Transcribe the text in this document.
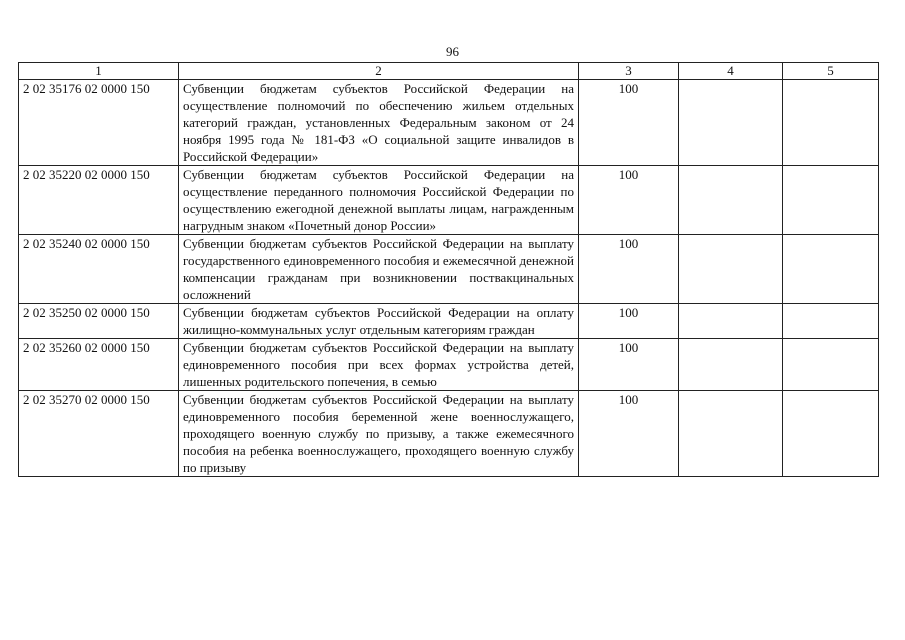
96
1	2	3	4	5
2 02 35176 02 0000 150	Субвенции бюджетам субъектов Российской Федерации на осуществление полномочий по обеспечению жильем отдельных категорий граждан, установленных Федеральным законом от 24 ноября 1995 года № 181-ФЗ «О социальной защите инвалидов в Российской Федерации»	100		
2 02 35220 02 0000 150	Субвенции бюджетам субъектов Российской Федерации на осуществление переданного полномочия Российской Федерации по осуществлению ежегодной денежной выплаты лицам, награжденным нагрудным знаком «Почетный донор России»	100		
2 02 35240 02 0000 150	Субвенции бюджетам субъектов Российской Федерации на выплату государственного единовременного пособия и ежемесячной денежной компенсации гражданам при возникновении поствакцинальных осложнений	100		
2 02 35250 02 0000 150	Субвенции бюджетам субъектов Российской Федерации на оплату жилищно-коммунальных услуг отдельным категориям граждан	100		
2 02 35260 02 0000 150	Субвенции бюджетам субъектов Российской Федерации на выплату единовременного пособия при всех формах устройства детей, лишенных родительского попечения, в семью	100		
2 02 35270 02 0000 150	Субвенции бюджетам субъектов Российской Федерации на выплату единовременного пособия беременной жене военнослужащего, проходящего военную службу по призыву, а также ежемесячного пособия на ребенка военнослужащего, проходящего военную службу по призыву	100		
